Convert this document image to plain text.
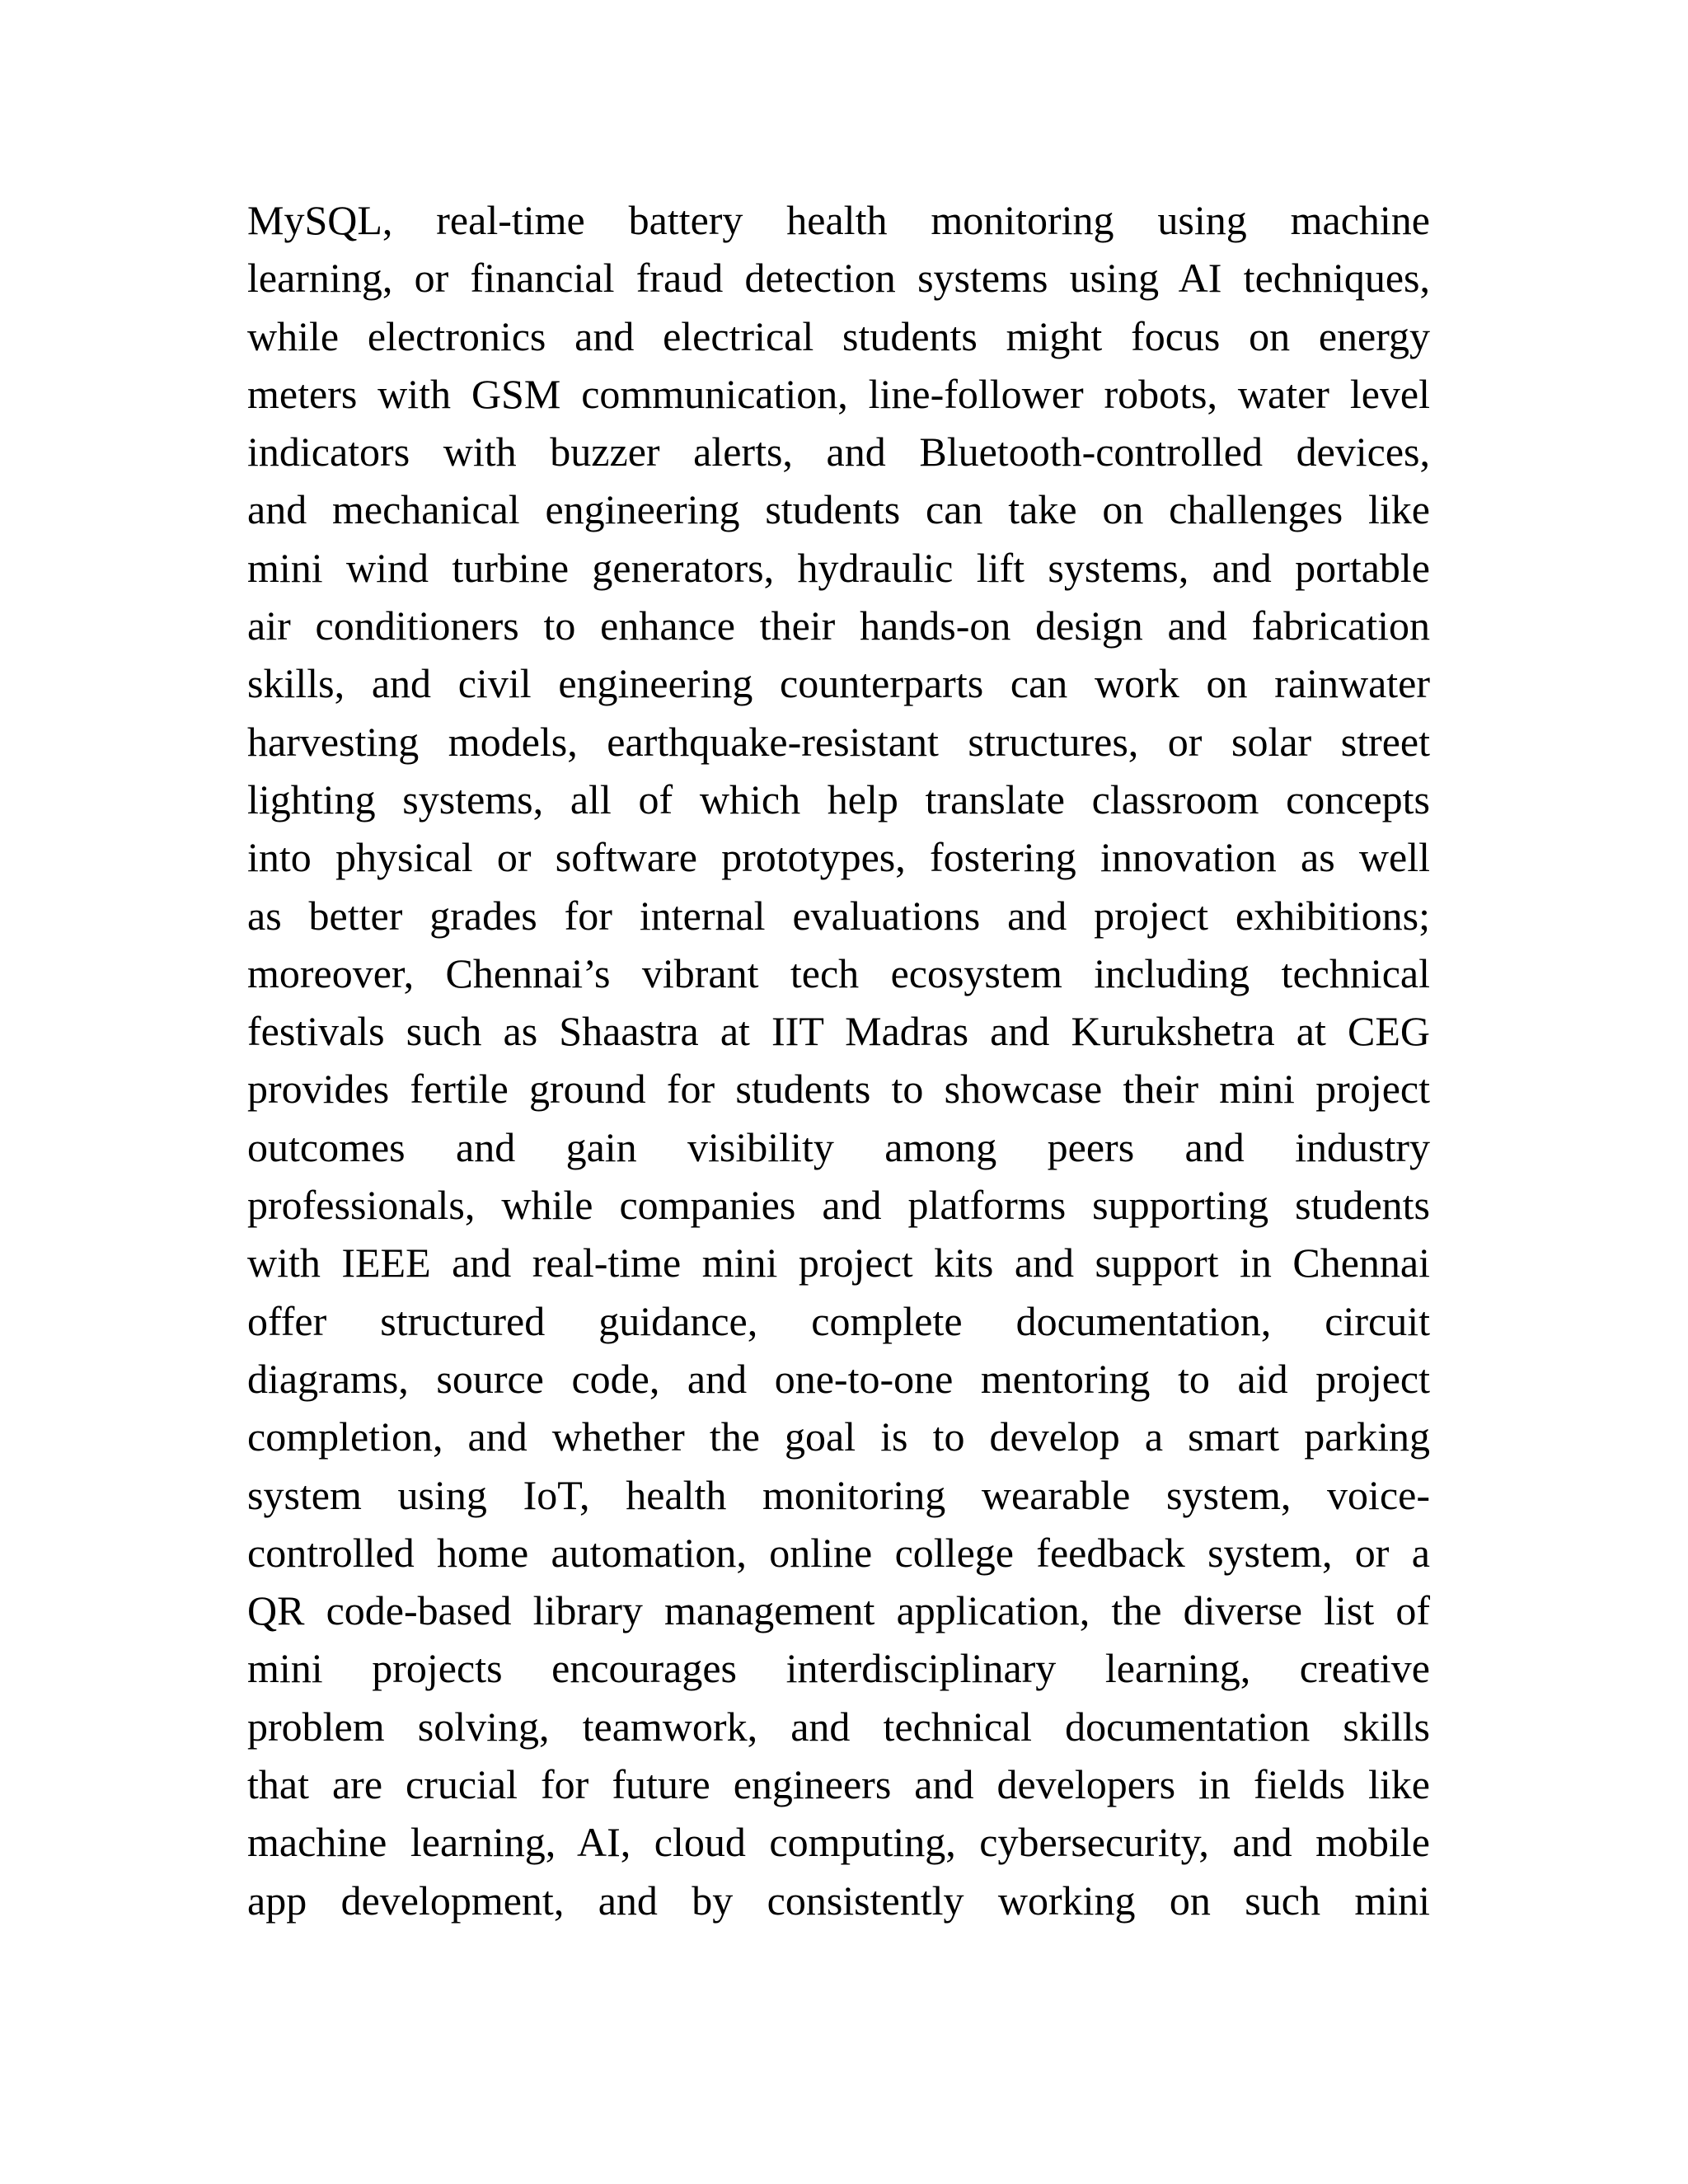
MySQL, real-time battery health monitoring using machine
learning, or financial fraud detection systems using AI techniques,
while electronics and electrical students might focus on energy
meters with GSM communication, line-follower robots, water level
indicators with buzzer alerts, and Bluetooth-controlled devices,
and mechanical engineering students can take on challenges like
mini wind turbine generators, hydraulic lift systems, and portable
air conditioners to enhance their hands-on design and fabrication
skills, and civil engineering counterparts can work on rainwater
harvesting models, earthquake-resistant structures, or solar street
lighting systems, all of which help translate classroom concepts
into physical or software prototypes, fostering innovation as well
as better grades for internal evaluations and project exhibitions;
moreover, Chennai’s vibrant tech ecosystem including technical
festivals such as Shaastra at IIT Madras and Kurukshetra at CEG
provides fertile ground for students to showcase their mini project
outcomes and gain visibility among peers and industry
professionals, while companies and platforms supporting students
with IEEE and real-time mini project kits and support in Chennai
offer structured guidance, complete documentation, circuit
diagrams, source code, and one-to-one mentoring to aid project
completion, and whether the goal is to develop a smart parking
system using IoT, health monitoring wearable system, voice-
controlled home automation, online college feedback system, or a
QR code-based library management application, the diverse list of
mini projects encourages interdisciplinary learning, creative
problem solving, teamwork, and technical documentation skills
that are crucial for future engineers and developers in fields like
machine learning, AI, cloud computing, cybersecurity, and mobile
app development, and by consistently working on such mini
